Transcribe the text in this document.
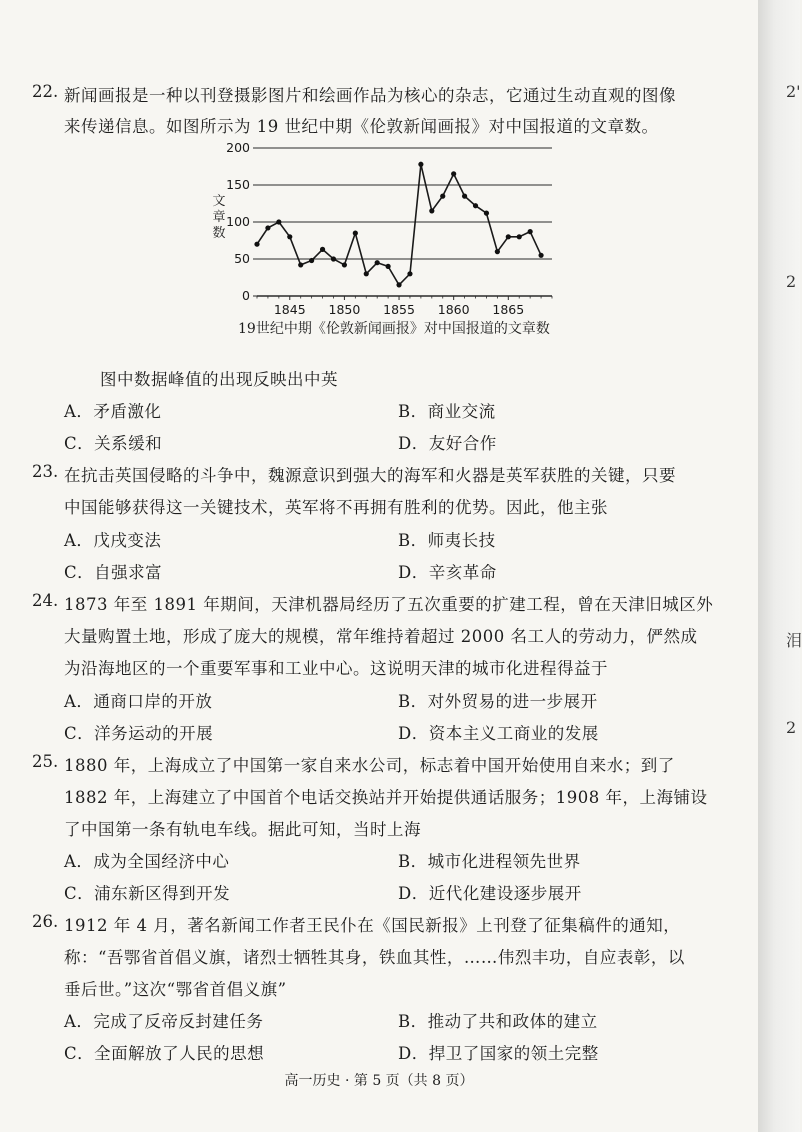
2'
2
泪
2
22. 新闻画报是一种以刊登摄影图片和绘画作品为核心的杂志，它通过生动直观的图像
来传递信息。如图所示为 19 世纪中期《伦敦新闻画报》对中国报道的文章数。
0
50
100
150
200
1845 1850 1855 1860 1865
文章数
19世纪中期《伦敦新闻画报》对中国报道的文章数
图中数据峰值的出现反映出中英
A．矛盾激化	B．商业交流
C．关系缓和	D．友好合作
23. 在抗击英国侵略的斗争中，魏源意识到强大的海军和火器是英军获胜的关键，只要
中国能够获得这一关键技术，英军将不再拥有胜利的优势。因此，他主张
A．戊戌变法	B．师夷长技
C．自强求富	D．辛亥革命
24. 1873 年至 1891 年期间，天津机器局经历了五次重要的扩建工程，曾在天津旧城区外
大量购置土地，形成了庞大的规模，常年维持着超过 2000 名工人的劳动力，俨然成
为沿海地区的一个重要军事和工业中心。这说明天津的城市化进程得益于
A．通商口岸的开放	B．对外贸易的进一步展开
C．洋务运动的开展	D．资本主义工商业的发展
25. 1880 年，上海成立了中国第一家自来水公司，标志着中国开始使用自来水；到了
1882 年，上海建立了中国首个电话交换站并开始提供通话服务；1908 年，上海铺设
了中国第一条有轨电车线。据此可知，当时上海
A．成为全国经济中心	B．城市化进程领先世界
C．浦东新区得到开发	D．近代化建设逐步展开
26. 1912 年 4 月，著名新闻工作者王民仆在《国民新报》上刊登了征集稿件的通知，
称：“吾鄂省首倡义旗，诸烈士牺牲其身，铁血其性，……伟烈丰功，自应表彰，以
垂后世。”这次“鄂省首倡义旗”
A．完成了反帝反封建任务	B．推动了共和政体的建立
C．全面解放了人民的思想	D．捍卫了国家的领土完整
高一历史 · 第 5 页（共 8 页）
